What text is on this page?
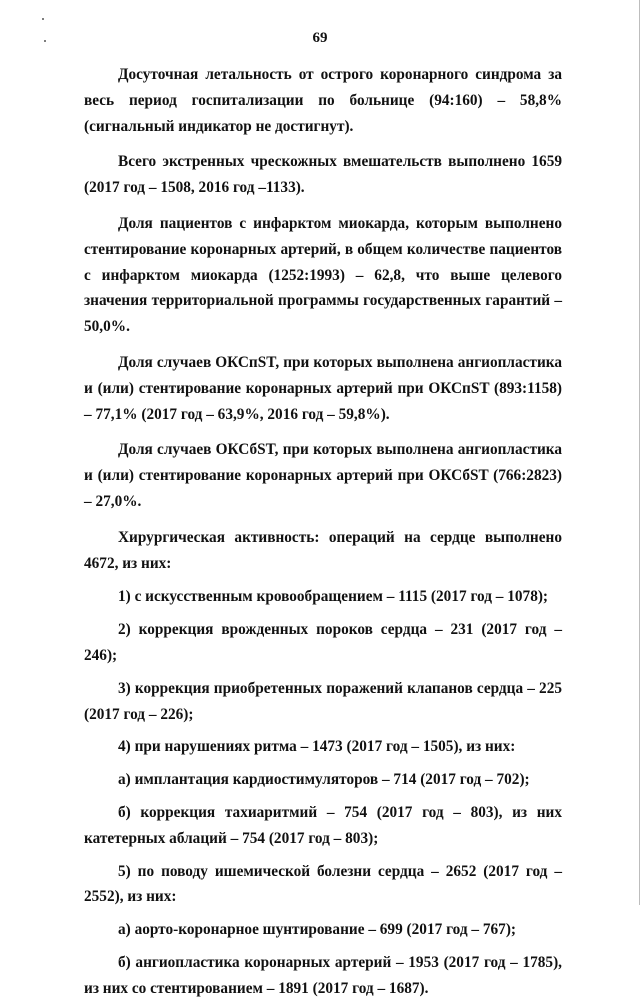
69

Досуточная летальность от острого коронарного синдрома за весь период госпитализации по больнице (94:160) – 58,8% (сигнальный индикатор не достигнут).

Всего экстренных чрескожных вмешательств выполнено 1659 (2017 год – 1508, 2016 год –1133).

Доля пациентов с инфарктом миокарда, которым выполнено стентирование коронарных артерий, в общем количестве пациентов с инфарктом миокарда (1252:1993) – 62,8, что выше целевого значения территориальной программы государственных гарантий – 50,0%.

Доля случаев ОКСпST, при которых выполнена ангиопластика и (или) стентирование коронарных артерий при ОКСпST (893:1158) – 77,1% (2017 год – 63,9%, 2016 год – 59,8%).

Доля случаев ОКСбST, при которых выполнена ангиопластика и (или) стентирование коронарных артерий при ОКСбST (766:2823) – 27,0%.

Хирургическая активность: операций на сердце выполнено 4672, из них:

1) с искусственным кровообращением – 1115 (2017 год – 1078);

2) коррекция врожденных пороков сердца – 231 (2017 год – 246);

3) коррекция приобретенных поражений клапанов сердца – 225 (2017 год – 226);

4) при нарушениях ритма – 1473 (2017 год – 1505), из них:

а) имплантация кардиостимуляторов – 714 (2017 год – 702);

б) коррекция тахиаритмий – 754 (2017 год – 803), из них катетерных аблаций – 754 (2017 год – 803);

5) по поводу ишемической болезни сердца – 2652 (2017 год – 2552), из них:

а) аорто-коронарное шунтирование – 699 (2017 год – 767);

б) ангиопластика коронарных артерий – 1953 (2017 год – 1785), из них со стентированием – 1891 (2017 год – 1687).
